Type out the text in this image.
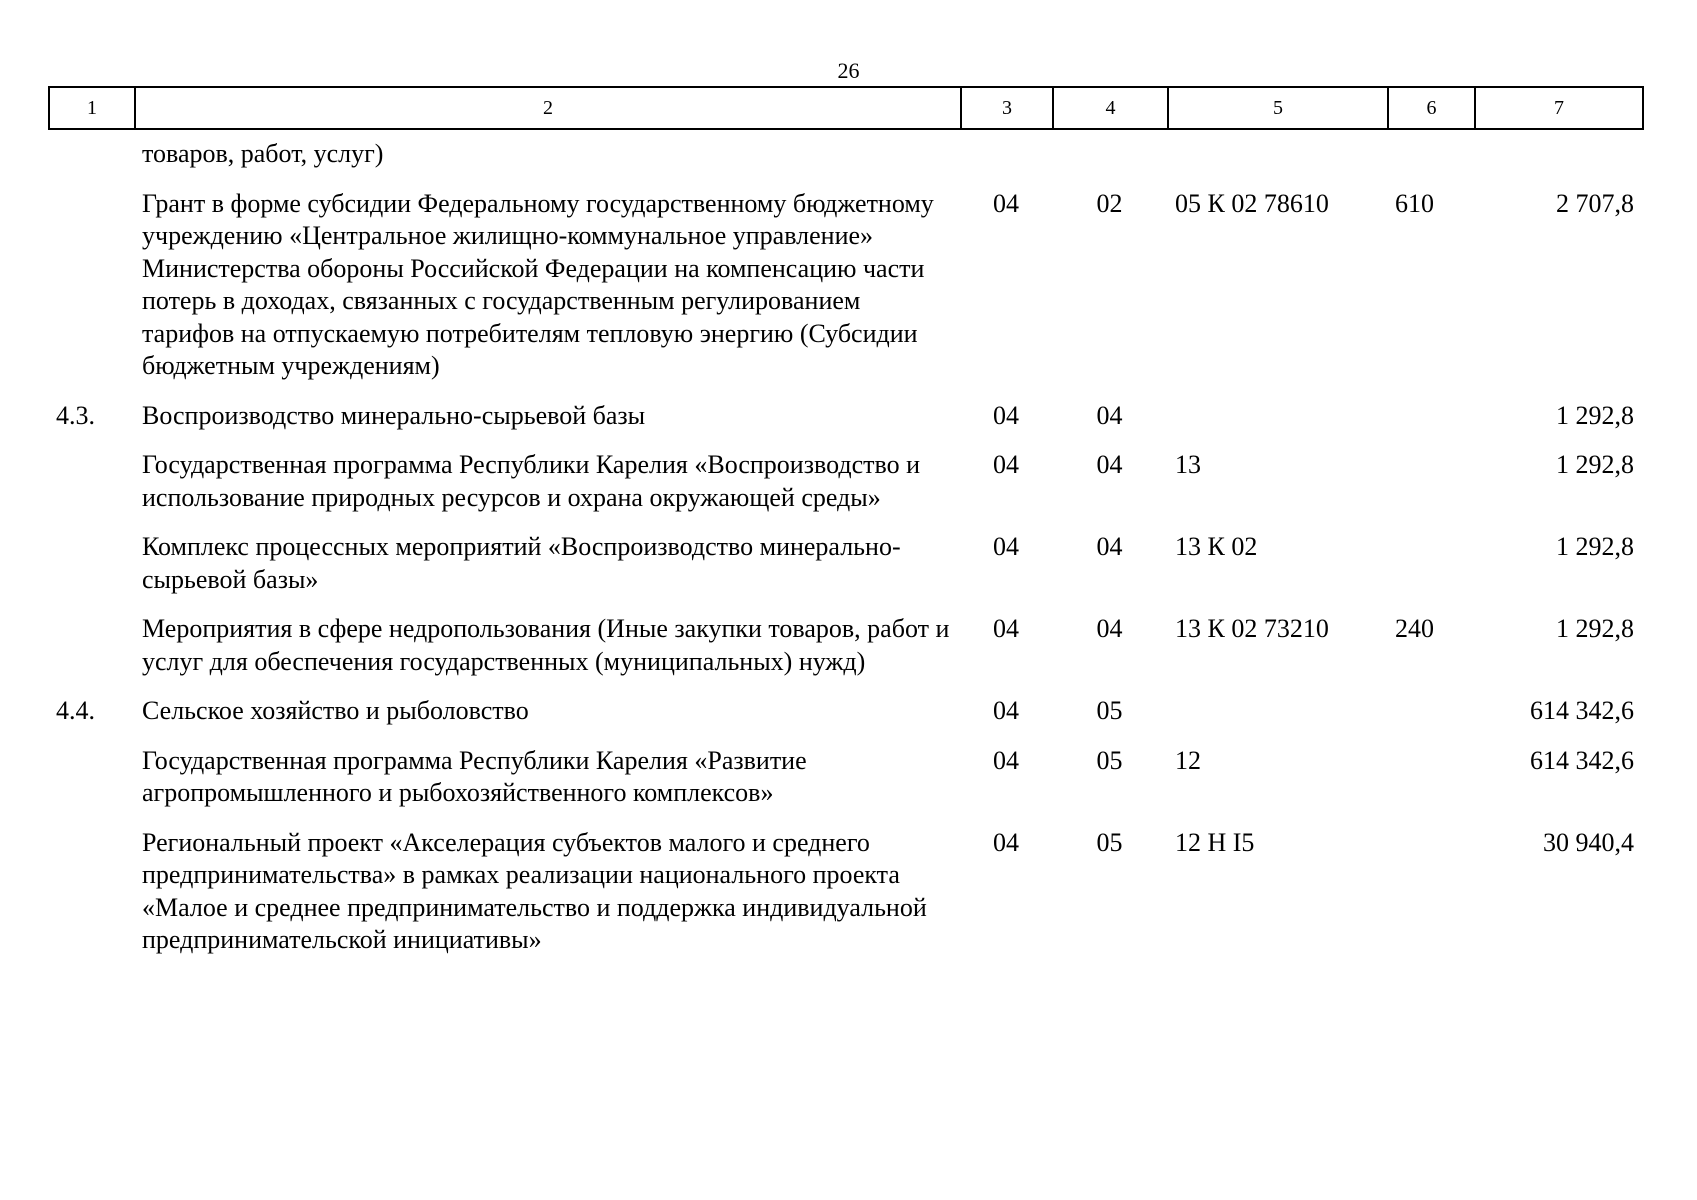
26
1	2	3	4	5	6	7
	товаров, работ, услуг)					
	Грант в форме субсидии Федеральному государственному бюджетному учреждению «Центральное жилищно-коммунальное управление» Министерства обороны Российской Федерации на компенсацию части потерь в доходах, связанных с государственным регулированием тарифов на отпускаемую потребителям тепловую энергию (Субсидии бюджетным учреждениям)	04	02	05 К 02 78610	610	2 707,8
4.3.	Воспроизводство минерально-сырьевой базы	04	04			1 292,8
	Государственная программа Республики Карелия «Воспроизводство и использование природных ресурсов и охрана окружающей среды»	04	04	13		1 292,8
	Комплекс процессных мероприятий «Воспроизводство минерально-сырьевой базы»	04	04	13 К 02		1 292,8
	Мероприятия в сфере недропользования (Иные закупки товаров, работ и услуг для обеспечения государственных (муниципальных) нужд)	04	04	13 К 02 73210	240	1 292,8
4.4.	Сельское хозяйство и рыболовство	04	05			614 342,6
	Государственная программа Республики Карелия «Развитие агропромышленного и рыбохозяйственного комплексов»	04	05	12		614 342,6
	Региональный проект «Акселерация субъектов малого и среднего предпринимательства» в рамках реализации национального проекта «Малое и среднее предпринимательство и поддержка индивидуальной предпринимательской инициативы»	04	05	12 Н I5		30 940,4
